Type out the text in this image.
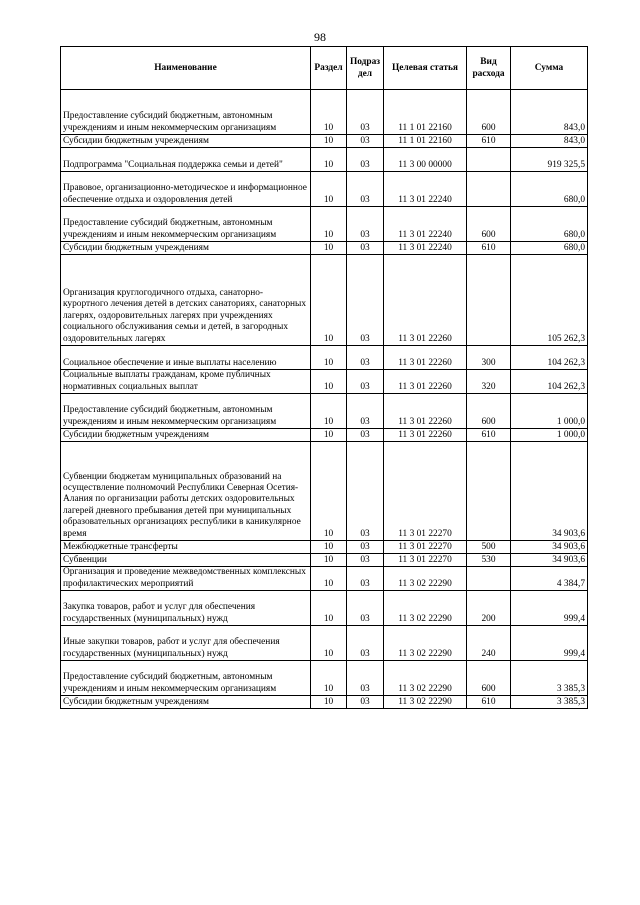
98
Наименование	Раздел	Подраз дел	Целевая статья	Вид расхода	Сумма
Предоставление субсидий бюджетным, автономным учреждениям и иным некоммерческим организациям	10	03	11 1 01 22160	600	843,0
Субсидии бюджетным учреждениям	10	03	11 1 01 22160	610	843,0
Подпрограмма "Социальная поддержка семьи и детей"	10	03	11 3 00 00000		919 325,5
Правовое, организационно-методическое и информационное обеспечение отдыха и оздоровления детей	10	03	11 3 01 22240		680,0
Предоставление субсидий бюджетным, автономным учреждениям и иным некоммерческим организациям	10	03	11 3 01 22240	600	680,0
Субсидии бюджетным учреждениям	10	03	11 3 01 22240	610	680,0
Организация круглогодичного отдыха, санаторно-курортного лечения детей в детских санаториях, санаторных лагерях, оздоровительных лагерях при учреждениях социального обслуживания семьи и детей, в загородных оздоровительных лагерях	10	03	11 3 01 22260		105 262,3
Социальное обеспечение и иные выплаты населению	10	03	11 3 01 22260	300	104 262,3
Социальные выплаты гражданам, кроме публичных нормативных социальных выплат	10	03	11 3 01 22260	320	104 262,3
Предоставление субсидий бюджетным, автономным учреждениям и иным некоммерческим организациям	10	03	11 3 01 22260	600	1 000,0
Субсидии бюджетным учреждениям	10	03	11 3 01 22260	610	1 000,0
Субвенции бюджетам муниципальных образований на осуществление полномочий Республики Северная Осетия-Алания по организации работы детских оздоровительных лагерей дневного пребывания детей при муниципальных образовательных организациях республики в каникулярное время	10	03	11 3 01 22270		34 903,6
Межбюджетные трансферты	10	03	11 3 01 22270	500	34 903,6
Субвенции	10	03	11 3 01 22270	530	34 903,6
Организация и проведение межведомственных комплексных профилактических мероприятий	10	03	11 3 02 22290		4 384,7
Закупка товаров, работ и услуг для обеспечения государственных (муниципальных) нужд	10	03	11 3 02 22290	200	999,4
Иные закупки товаров, работ и услуг для обеспечения государственных (муниципальных) нужд	10	03	11 3 02 22290	240	999,4
Предоставление субсидий бюджетным, автономным учреждениям и иным некоммерческим организациям	10	03	11 3 02 22290	600	3 385,3
Субсидии бюджетным учреждениям	10	03	11 3 02 22290	610	3 385,3
